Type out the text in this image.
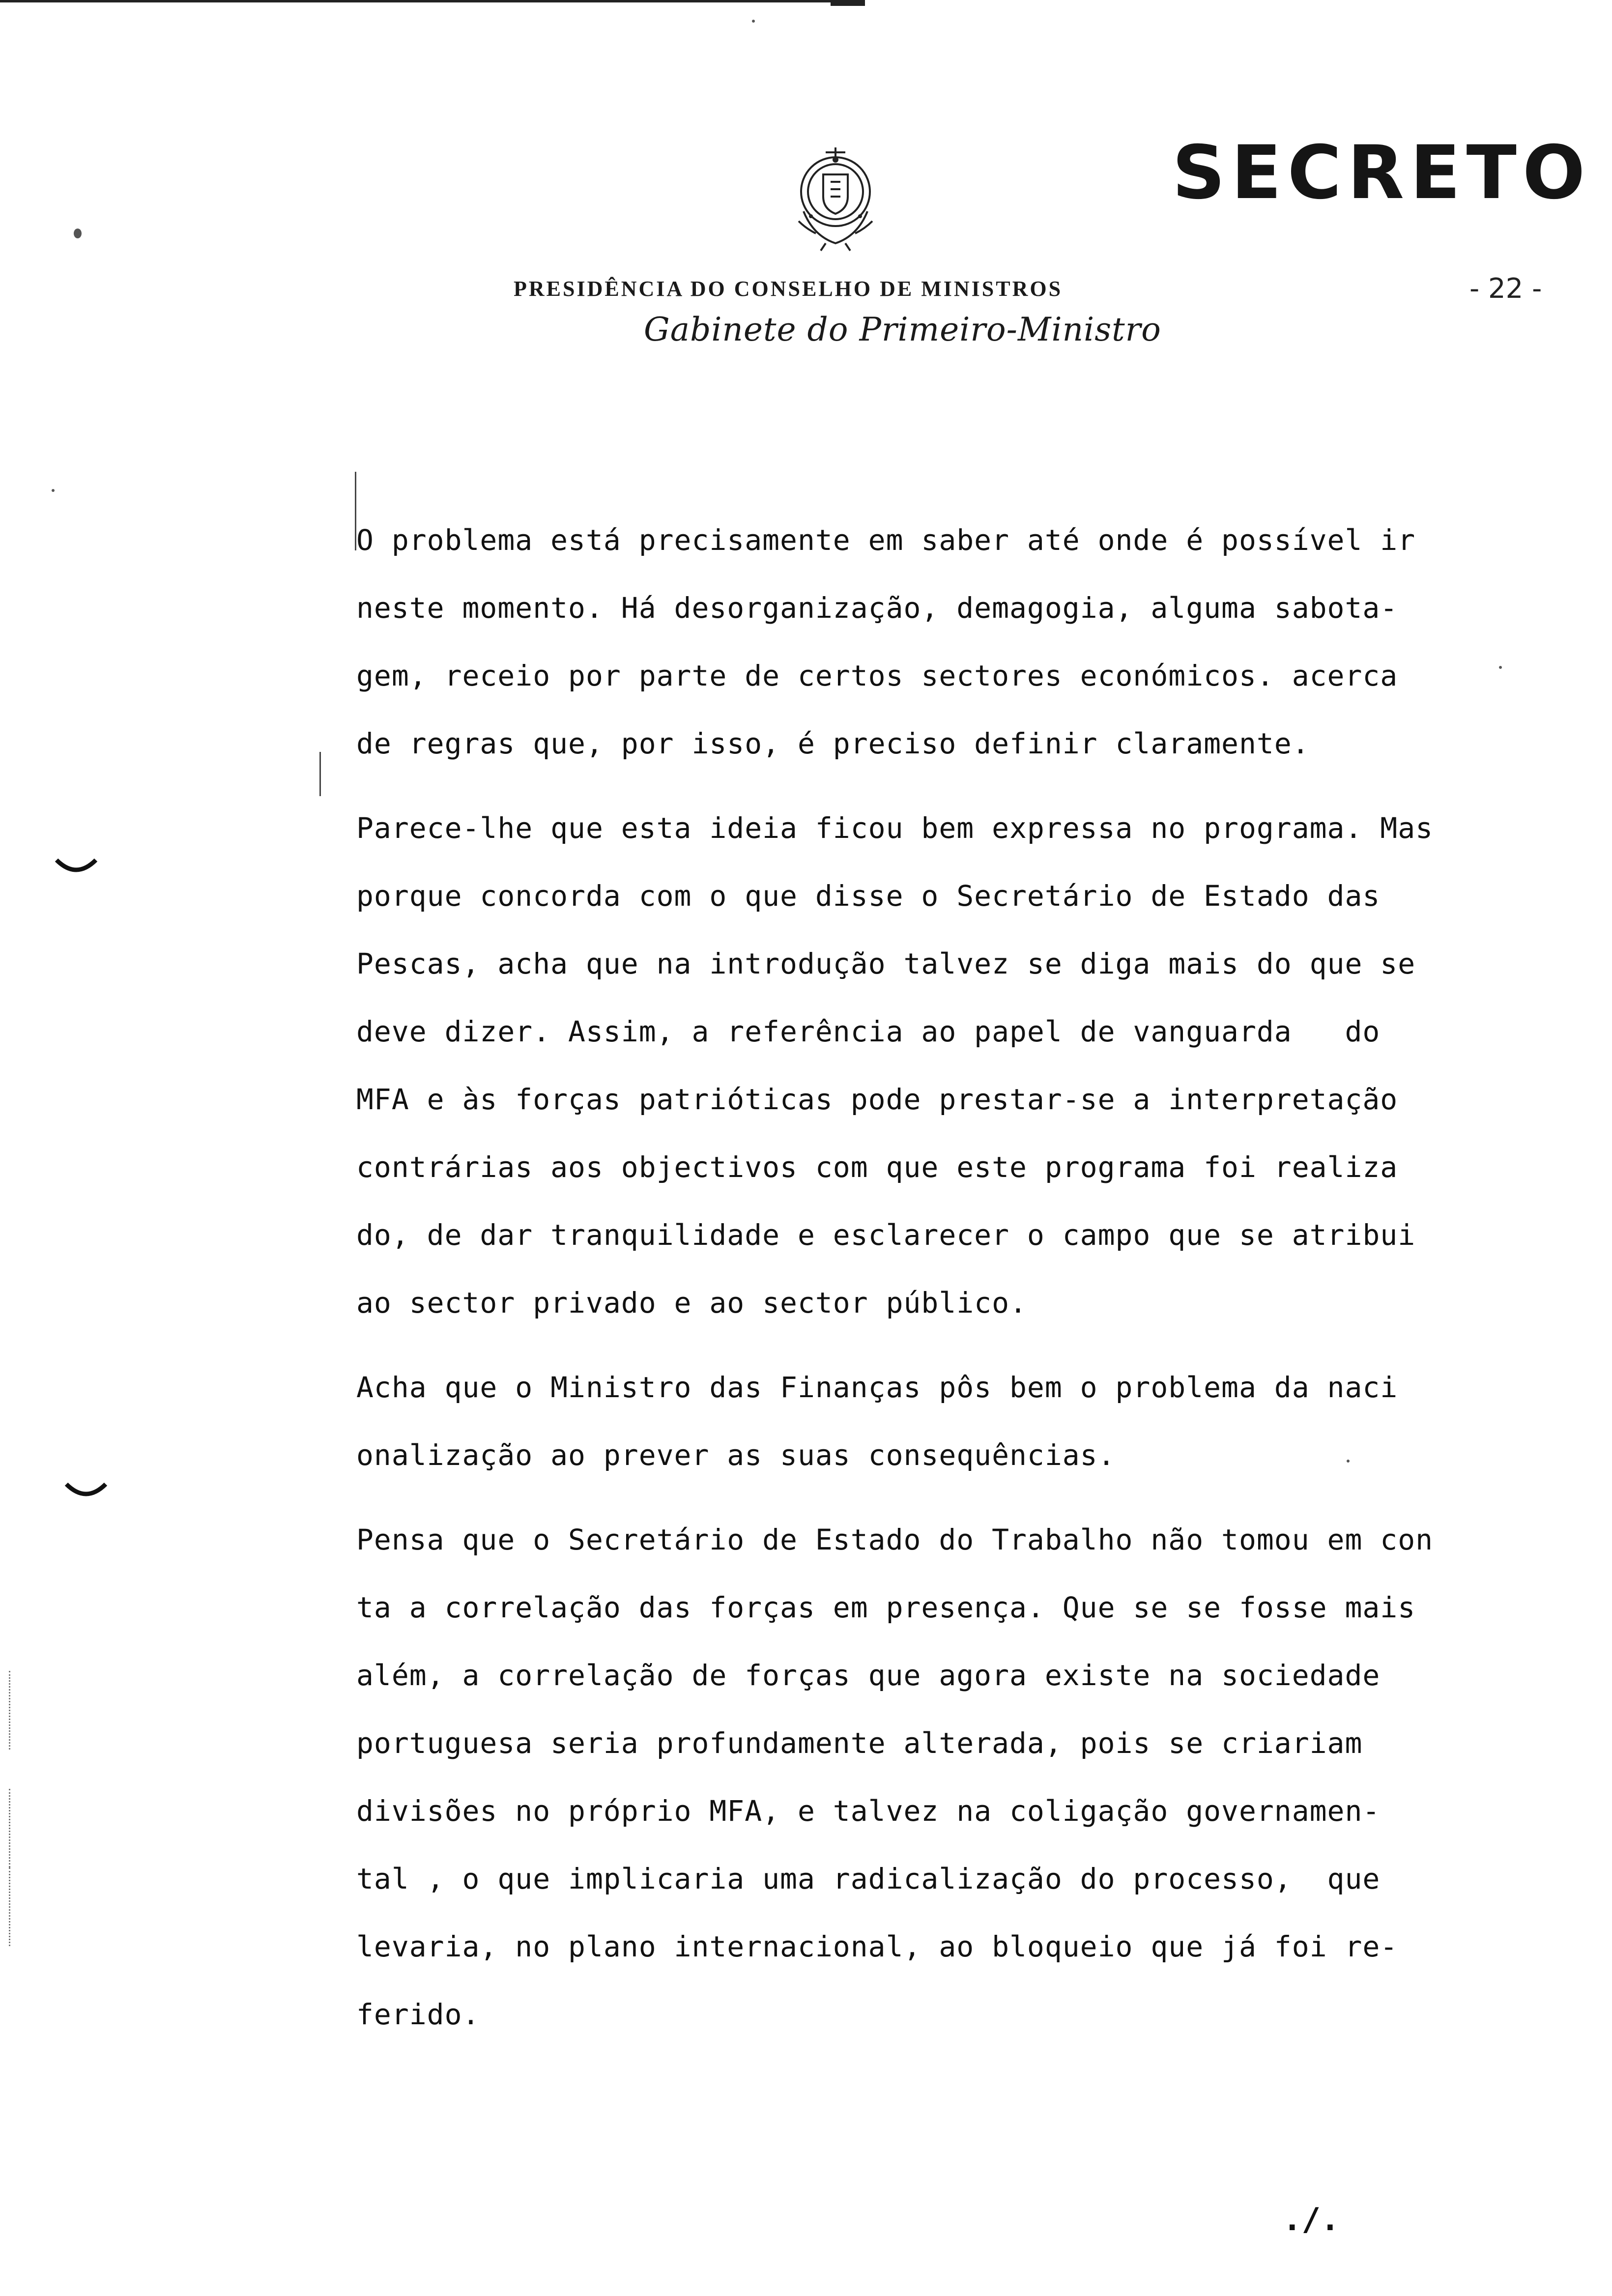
SECRETO
- 22 -
PRESIDÊNCIA DO CONSELHO DE MINISTROS
Gabinete do Primeiro-Ministro
O problema está precisamente em saber até onde é possível ir
neste momento. Há desorganização, demagogia, alguma sabota-
gem, receio por parte de certos sectores económicos. acerca
de regras que, por isso, é preciso definir claramente.
Parece-lhe que esta ideia ficou bem expressa no programa. Mas
porque concorda com o que disse o Secretário de Estado das
Pescas, acha que na introdução talvez se diga mais do que se
deve dizer. Assim, a referência ao papel de vanguarda   do
MFA e às forças patrióticas pode prestar-se a interpretação
contrárias aos objectivos com que este programa foi realiza
do, de dar tranquilidade e esclarecer o campo que se atribui
ao sector privado e ao sector público.
Acha que o Ministro das Finanças pôs bem o problema da naci
onalização ao prever as suas consequências.
Pensa que o Secretário de Estado do Trabalho não tomou em con
ta a correlação das forças em presença. Que se se fosse mais
além, a correlação de forças que agora existe na sociedade
portuguesa seria profundamente alterada, pois se criariam
divisões no próprio MFA, e talvez na coligação governamen-
tal , o que implicaria uma radicalização do processo,  que
levaria, no plano internacional, ao bloqueio que já foi re-
ferido.
./.
